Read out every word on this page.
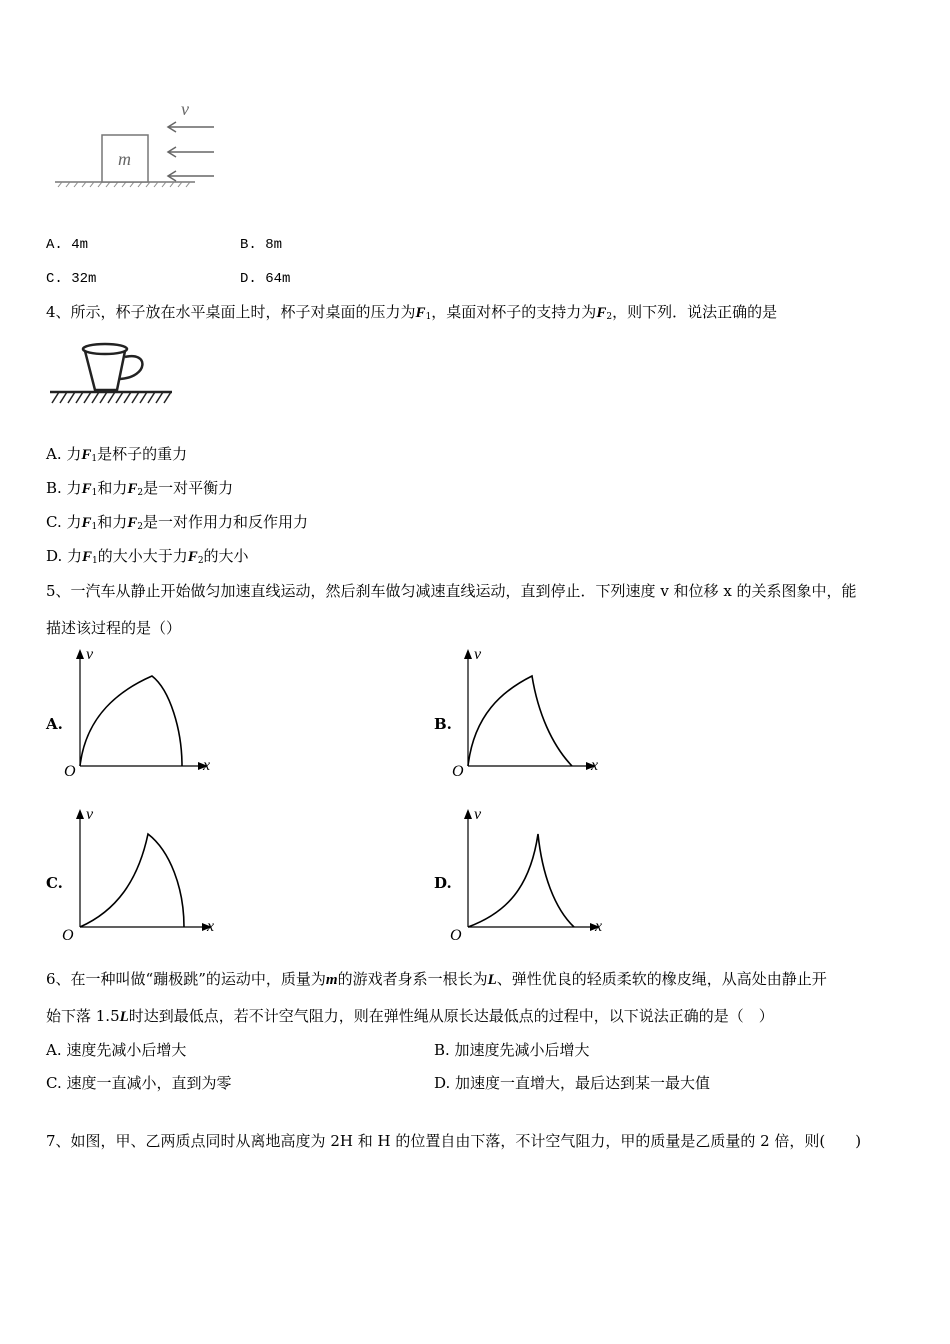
m
v
A. 4m	B. 8m
C. 32m	D. 64m
4、所示，杯子放在水平桌面上时，杯子对桌面的压力为$F_1$，桌面对杯子的支持力为$F_2$，则下列．说法正确的是
A. 力$F_1$是杯子的重力
B. 力$F_1$和力$F_2$是一对平衡力
C. 力$F_1$和力$F_2$是一对作用力和反作用力
D. 力$F_1$的大小大于力$F_2$的大小
5、一汽车从静止开始做匀加速直线运动，然后刹车做匀减速直线运动，直到停止．下列速度 v 和位移 x 的关系图象中，能
描述该过程的是（）
A.
v
x
O
B.
v
x
O
C.
v
x
O
D.
v
x
O
6、在一种叫做“蹦极跳”的运动中，质量为m的游戏者身系一根长为L、弹性优良的轻质柔软的橡皮绳，从高处由静止开
始下落 1.5L时达到最低点，若不计空气阻力，则在弹性绳从原长达最低点的过程中，以下说法正确的是（　）
A. 速度先减小后增大	B. 加速度先减小后增大
C. 速度一直减小，直到为零	D. 加速度一直增大，最后达到某一最大值
7、如图，甲、乙两质点同时从离地高度为 2H 和 H 的位置自由下落，不计空气阻力，甲的质量是乙质量的 2 倍，则(　　)
